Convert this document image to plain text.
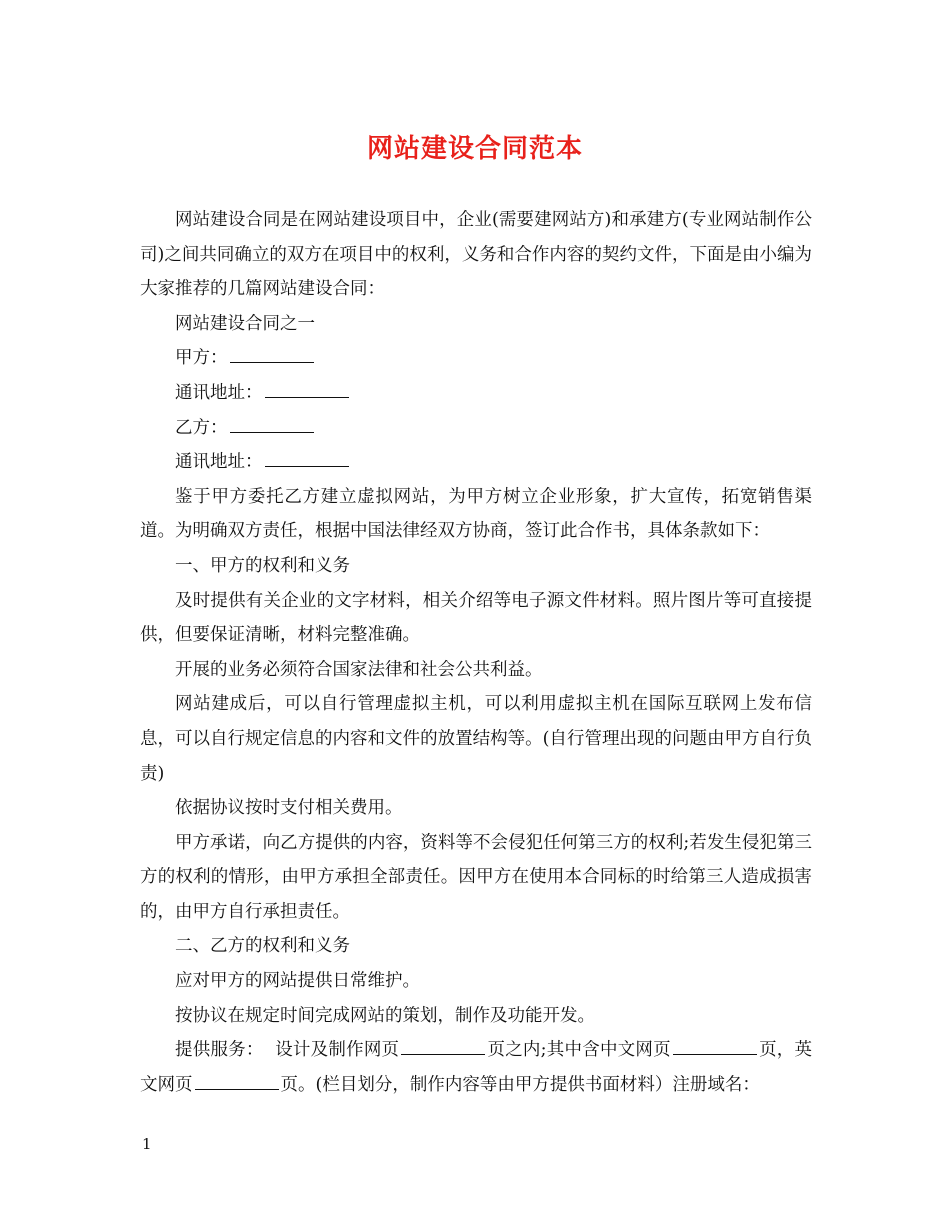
网站建设合同范本

网站建设合同是在网站建设项目中，企业(需要建网站方)和承建方(专业网站制作公司)之间共同确立的双方在项目中的权利，义务和合作内容的契约文件，下面是由小编为大家推荐的几篇网站建设合同：

网站建设合同之一

甲方：

通讯地址：

乙方：

通讯地址：

鉴于甲方委托乙方建立虚拟网站，为甲方树立企业形象，扩大宣传，拓宽销售渠道。为明确双方责任，根据中国法律经双方协商，签订此合作书，具体条款如下：

一、甲方的权利和义务

及时提供有关企业的文字材料，相关介绍等电子源文件材料。照片图片等可直接提供，但要保证清晰，材料完整准确。

开展的业务必须符合国家法律和社会公共利益。

网站建成后，可以自行管理虚拟主机，可以利用虚拟主机在国际互联网上发布信息，可以自行规定信息的内容和文件的放置结构等。(自行管理出现的问题由甲方自行负责)

依据协议按时支付相关费用。

甲方承诺，向乙方提供的内容，资料等不会侵犯任何第三方的权利;若发生侵犯第三方的权利的情形，由甲方承担全部责任。因甲方在使用本合同标的时给第三人造成损害的，由甲方自行承担责任。

二、乙方的权利和义务

应对甲方的网站提供日常维护。

按协议在规定时间完成网站的策划，制作及功能开发。

提供服务： 设计及制作网页	页之内;其中含中文网页	页，英文网页	页。(栏目划分，制作内容等由甲方提供书面材料）注册域名：

1
